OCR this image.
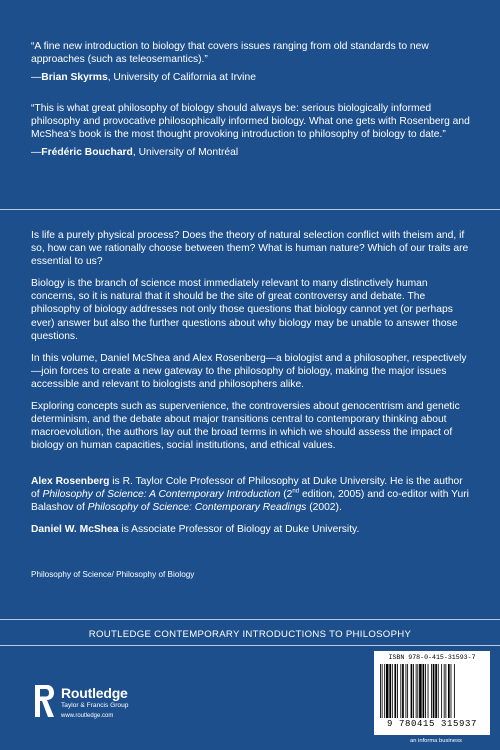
“A fine new introduction to biology that covers issues ranging from old standards to new approaches (such as teleosemantics).”

—Brian Skyrms, University of California at Irvine

“This is what great philosophy of biology should always be: serious biologically informed philosophy and provocative philosophically informed biology. What one gets with Rosenberg and McShea’s book is the most thought provoking introduction to philosophy of biology to date.”

—Frédéric Bouchard, University of Montréal

Is life a purely physical process? Does the theory of natural selection conflict with theism and, if so, how can we rationally choose between them? What is human nature? Which of our traits are essential to us?

Biology is the branch of science most immediately relevant to many distinctively human concerns, so it is natural that it should be the site of great controversy and debate. The philosophy of biology addresses not only those questions that biology cannot yet (or perhaps ever) answer but also the further questions about why biology may be unable to answer those questions.

In this volume, Daniel McShea and Alex Rosenberg—a biologist and a philosopher, respectively—join forces to create a new gateway to the philosophy of biology, making the major issues accessible and relevant to biologists and philosophers alike.

Exploring concepts such as supervenience, the controversies about genocentrism and genetic determinism, and the debate about major transitions central to contemporary thinking about macroevolution, the authors lay out the broad terms in which we should assess the impact of biology on human capacities, social institutions, and ethical values.

Alex Rosenberg is R. Taylor Cole Professor of Philosophy at Duke University. He is the author of Philosophy of Science: A Contemporary Introduction (2nd edition, 2005) and co-editor with Yuri Balashov of Philosophy of Science: Contemporary Readings (2002).

Daniel W. McShea is Associate Professor of Biology at Duke University.

Philosophy of Science/ Philosophy of Biology
ROUTLEDGE CONTEMPORARY INTRODUCTIONS TO PHILOSOPHY
Routledge
Taylor & Francis Group
www.routledge.com
ISBN 978-0-415-31593-7
9 780415 315937
an informa business
